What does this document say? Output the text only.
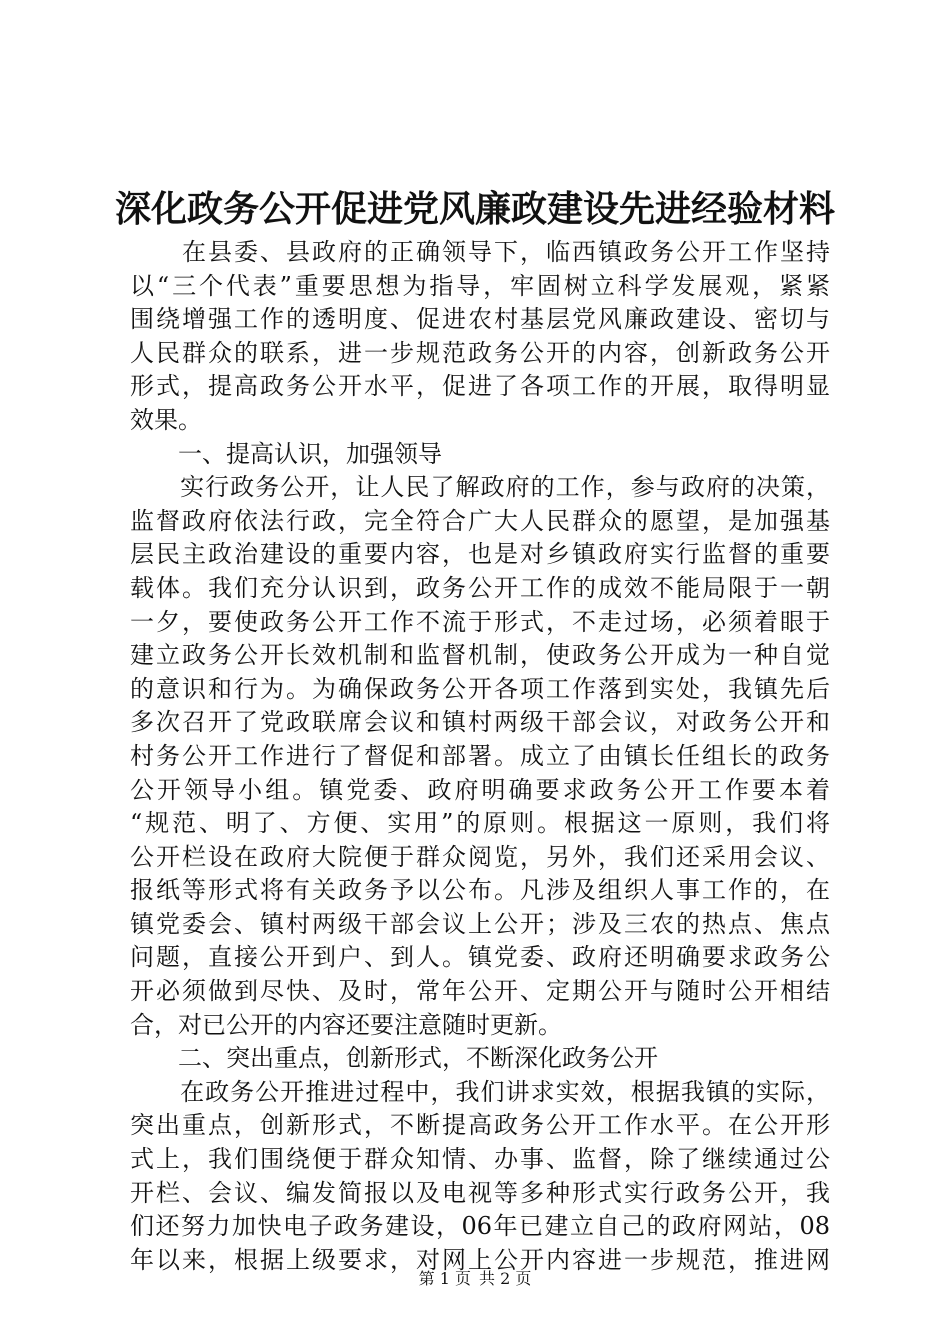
深化政务公开促进党风廉政建设先进经验材料
　　在县委、县政府的正确领导下，临西镇政务公开工作坚持
以“三个代表”重要思想为指导，牢固树立科学发展观，紧紧
围绕增强工作的透明度、促进农村基层党风廉政建设、密切与
人民群众的联系，进一步规范政务公开的内容，创新政务公开
形式，提高政务公开水平，促进了各项工作的开展，取得明显
效果。
　　一、提高认识，加强领导
　　实行政务公开，让人民了解政府的工作，参与政府的决策，
监督政府依法行政，完全符合广大人民群众的愿望，是加强基
层民主政治建设的重要内容，也是对乡镇政府实行监督的重要
载体。我们充分认识到，政务公开工作的成效不能局限于一朝
一夕，要使政务公开工作不流于形式，不走过场，必须着眼于
建立政务公开长效机制和监督机制，使政务公开成为一种自觉
的意识和行为。为确保政务公开各项工作落到实处，我镇先后
多次召开了党政联席会议和镇村两级干部会议，对政务公开和
村务公开工作进行了督促和部署。成立了由镇长任组长的政务
公开领导小组。镇党委、政府明确要求政务公开工作要本着
“规范、明了、方便、实用”的原则。根据这一原则，我们将
公开栏设在政府大院便于群众阅览，另外，我们还采用会议、
报纸等形式将有关政务予以公布。凡涉及组织人事工作的，在
镇党委会、镇村两级干部会议上公开；涉及三农的热点、焦点
问题，直接公开到户、到人。镇党委、政府还明确要求政务公
开必须做到尽快、及时，常年公开、定期公开与随时公开相结
合，对已公开的内容还要注意随时更新。
　　二、突出重点，创新形式，不断深化政务公开
　　在政务公开推进过程中，我们讲求实效，根据我镇的实际，
突出重点，创新形式，不断提高政务公开工作水平。在公开形
式上，我们围绕便于群众知情、办事、监督，除了继续通过公
开栏、会议、编发简报以及电视等多种形式实行政务公开，我
们还努力加快电子政务建设，06年已建立自己的政府网站，08
年以来，根据上级要求，对网上公开内容进一步规范，推进网
第 1 页 共 2 页
